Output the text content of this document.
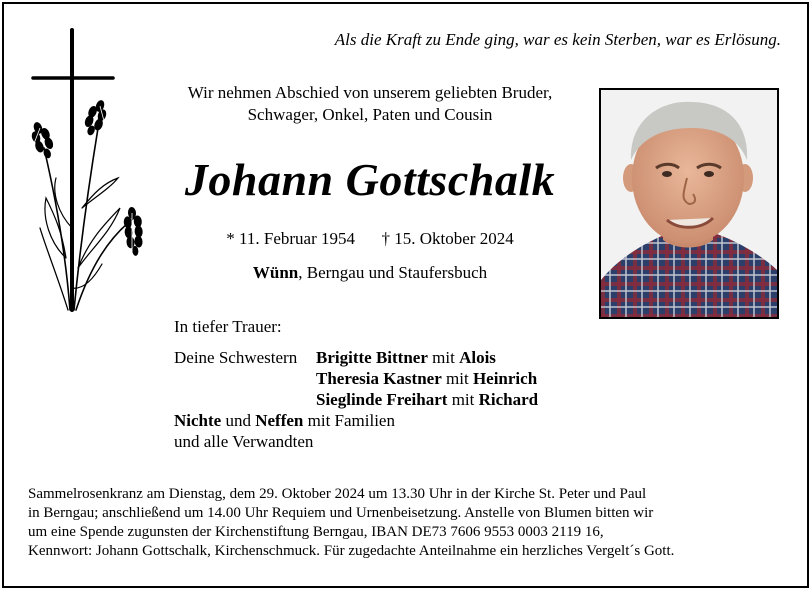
Als die Kraft zu Ende ging, war es kein Sterben, war es Erlösung.
Wir nehmen Abschied von unserem geliebten Bruder,
Schwager, Onkel, Paten und Cousin
Johann Gottschalk
* 11. Februar 1954 † 15. Oktober 2024
Wünn, Berngau und Staufersbuch
In tiefer Trauer:
Deine Schwestern	Brigitte Bittner mit Alois
Theresia Kastner mit Heinrich
Sieglinde Freihart mit Richard
Nichte und Neffen mit Familien
und alle Verwandten
Sammelrosenkranz am Dienstag, dem 29. Oktober 2024 um 13.30 Uhr in der Kirche St. Peter und Paul
in Berngau; anschließend um 14.00 Uhr Requiem und Urnenbeisetzung. Anstelle von Blumen bitten wir
um eine Spende zugunsten der Kirchenstiftung Berngau, IBAN DE73 7606 9553 0003 2119 16,
Kennwort: Johann Gottschalk, Kirchenschmuck. Für zugedachte Anteilnahme ein herzliches Vergelt´s Gott.
